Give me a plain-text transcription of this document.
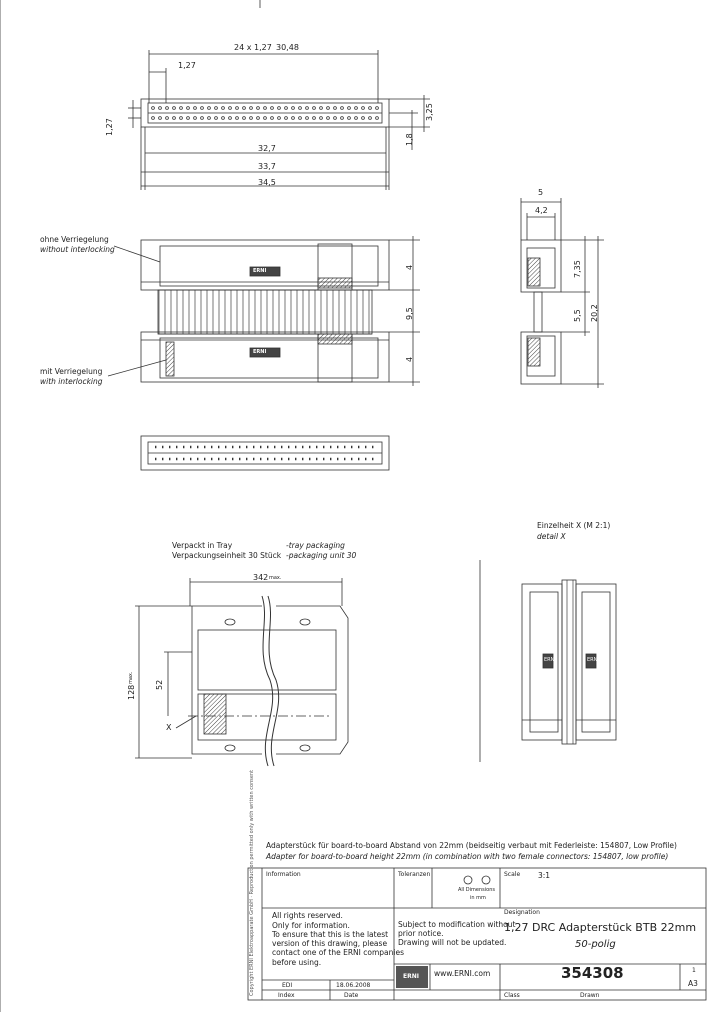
24 x 1,27 30,48
1,27
1,27
3,25
1,8
32,7
33,7
34,5
5
4,2
7,35
5,5 20,2
4
9,5
4
ohne Verriegelung
without interlocking
mit Verriegelung
with interlocking
ERNI
ERNI
Verpackt in Tray
Verpackungseinheit 30 Stück
-tray packaging
-packaging unit 30
342 max.
128
max.
52
X
Einzelheit X (M 2:1)
detail X
ERNI	ERNI
Adapterstück für board-to-board Abstand von 22mm (beidseitig verbaut mit Federleiste: 154807, Low Profile)
Adapter for board-to-board height 22mm (in combination with two female connectors: 154807, low profile)
Information	Toleranzen
All Dimensions
in mm
Scale 3:1
All rights reserved.
Only for information.
To ensure that this is the latest
version of this drawing, please
contact one of the ERNI companies
before using.
Subject to modification without
prior notice.
Drawing will not be updated.
Designation
1,27 DRC Adapterstück BTB 22mm
50-polig
www.ERNI.com
ERNI	354308	1
A3
EDI	18.06.2008
Index	Date	Class	Drawn
Copyright ERNI Elektroapparate GmbH · Reproduction permitted only with written consent
